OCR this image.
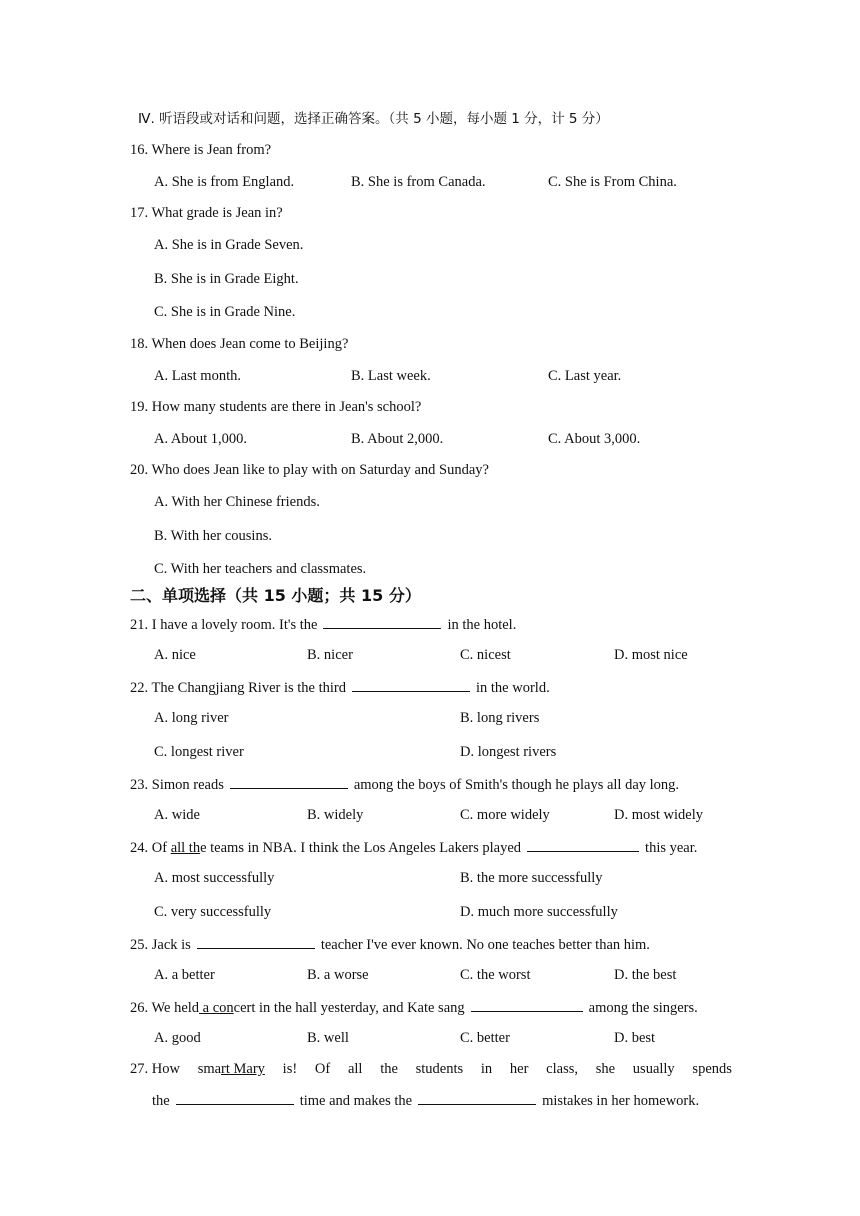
Ⅳ. 听语段或对话和问题，选择正确答案。（共 5 小题，每小题 1 分，计 5 分）
16. Where is Jean from?
A. She is from England.	B. She is from Canada.	C. She is From China.
17. What grade is Jean in?
A. She is in Grade Seven.
B. She is in Grade Eight.
C. She is in Grade Nine.
18. When does Jean come to Beijing?
A. Last month.	B. Last week.	C. Last year.
19. How many students are there in Jean's school?
A. About 1,000.	B. About 2,000.	C. About 3,000.
20. Who does Jean like to play with on Saturday and Sunday?
A. With her Chinese friends.
B. With her cousins.
C. With her teachers and classmates.
二、单项选择（共 15 小题；共 15 分）
21. I have a lovely room. It's the	in the hotel.
A. nice	B. nicer	C. nicest	D. most nice
22. The Changjiang River is the third	in the world.
A. long river	B. long rivers
C. longest river	D. longest rivers
23. Simon reads	among the boys of Smith's though he plays all day long.
A. wide	B. widely	C. more widely	D. most widely
24. Of all the teams in NBA. I think the Los Angeles Lakers played	this year.
A. most successfully	B. the more successfully
C. very successfully	D. much more successfully
25. Jack is	teacher I've ever known. No one teaches better than him.
A. a better	B. a worse	C. the worst	D. the best
26. We held a concert in the hall yesterday, and Kate sang	among the singers.
A. good	B. well	C. better	D. best
27. How smart Mary is! Of all the students in her class, she usually spends
the	time and makes the	mistakes in her homework.
